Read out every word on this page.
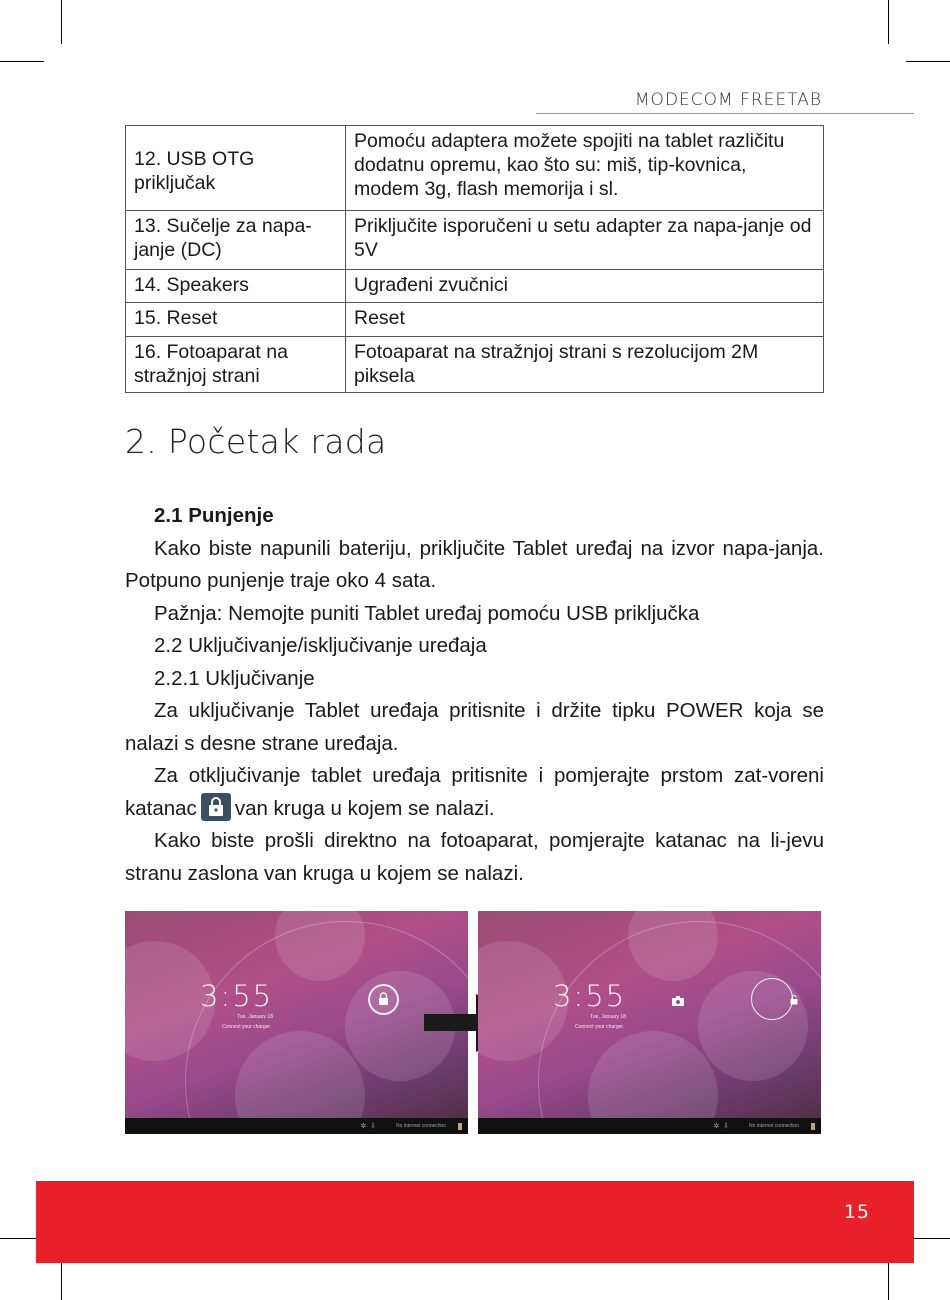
MODECOM FREETAB
12. USB OTG priključak	Pomoću adaptera možete spojiti na tablet različitu dodatnu opremu, kao što su: miš, tip-kovnica, modem 3g, flash memorija i sl.
13. Sučelje za napa-janje (DC)	Priključite isporučeni u setu adapter za napa-janje od 5V
14. Speakers	Ugrađeni zvučnici
15. Reset	Reset
16. Fotoaparat na stražnjoj strani	Fotoaparat na stražnjoj strani s rezolucijom 2M piksela
2. Početak rada

2.1 Punjenje

Kako biste napunili bateriju, priključite Tablet uređaj na izvor napa-janja. Potpuno punjenje traje oko 4 sata.

Pažnja: Nemojte puniti Tablet uređaj pomoću USB priključka

2.2 Uključivanje/isključivanje uređaja

2.2.1 Uključivanje

Za uključivanje Tablet uređaja pritisnite i držite tipku POWER koja se nalazi s desne strane uređaja.

Za otključivanje tablet uređaja pritisnite i pomjerajte prstom zat-voreni katanac van kruga u kojem se nalazi.

Kako biste prošli direktno na fotoaparat, pomjerajte katanac na li-jevu stranu zaslona van kruga u kojem se nalazi.

3:55
Tue, January 18
Connect your charger.
✲  ⇩	No internet connection
3:55
Tue, January 18
Connect your charger.
✲  ⇩	No internet connection
15
